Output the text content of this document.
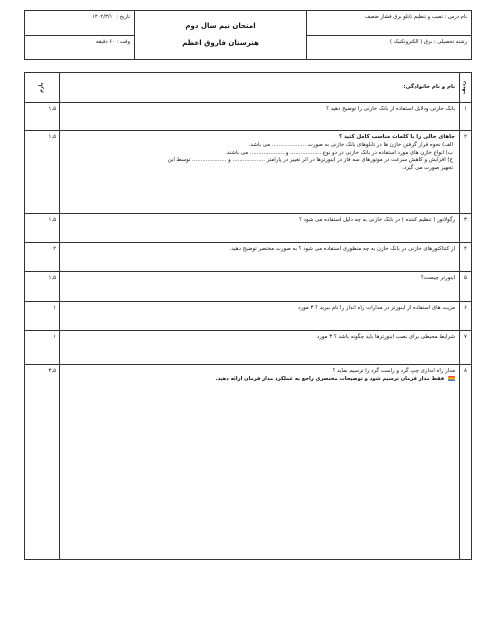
نام درس : نصب و تنظیم تابلو برق فشار ضعیف
رشته تحصیلی : برق ( الکتروتکنیک )
امتحان نیم سال دوم
هنرستان فاروق اعظم
تاریخ :
۱۴۰۲/۳/۱
وقت : ۶۰ دقیقه
ردیف	نام و نام خانوادگی:	بارم
۱	بانک خازنی ودلایل استفاده از بانک خازنی را توضیح دهید ؟	۱,۵
۲	جاهای خالی را با کلمات مناسب کامل کنید ؟
الف) نحوه قرار گرفتن خازن ها در تابلوهای بانک خازنی به صورت .................... می باشد.
ب) انواع خازن های مورد استفاده در بانک خازنی در دو نوع .................. و .................... می باشند.
ج) افزایش و کاهش سرعت در موتورهای سه فاز در اینورترها در اثر تغییر در پارامتر ................... و .................... توسط این
تجهیز صورت می گیرد.	۱,۵
۳	رگولاتور ( تنظیم کننده ) در بانک خازنی به چه دلیل استفاده می شود ؟	۱,۵
۴	از کنتاکتورهای خازنی در بانک خازن به چه منظوری استفاده می شود ؟ به صورت مختصر توضیح دهید.	۲
۵	اینورتر چیست؟	۱,۵
۶	مزیت های استفاده از اینورتر در مدارات راه انداز را نام ببرید ؟ ۳ مورد	۱
۷	شرایط محیطی برای نصب اینورترها باید چگونه باشد ؟ ۳ مورد	۱
۸	مدار راه اندازی چپ گرد و راست گرد را ترسیم نماید ؟
فقط مدار فرمان ترسیم شود و توضیحات مختصری راجع به عملکرد مدار فرمان ارائه دهید.	۳,۵
